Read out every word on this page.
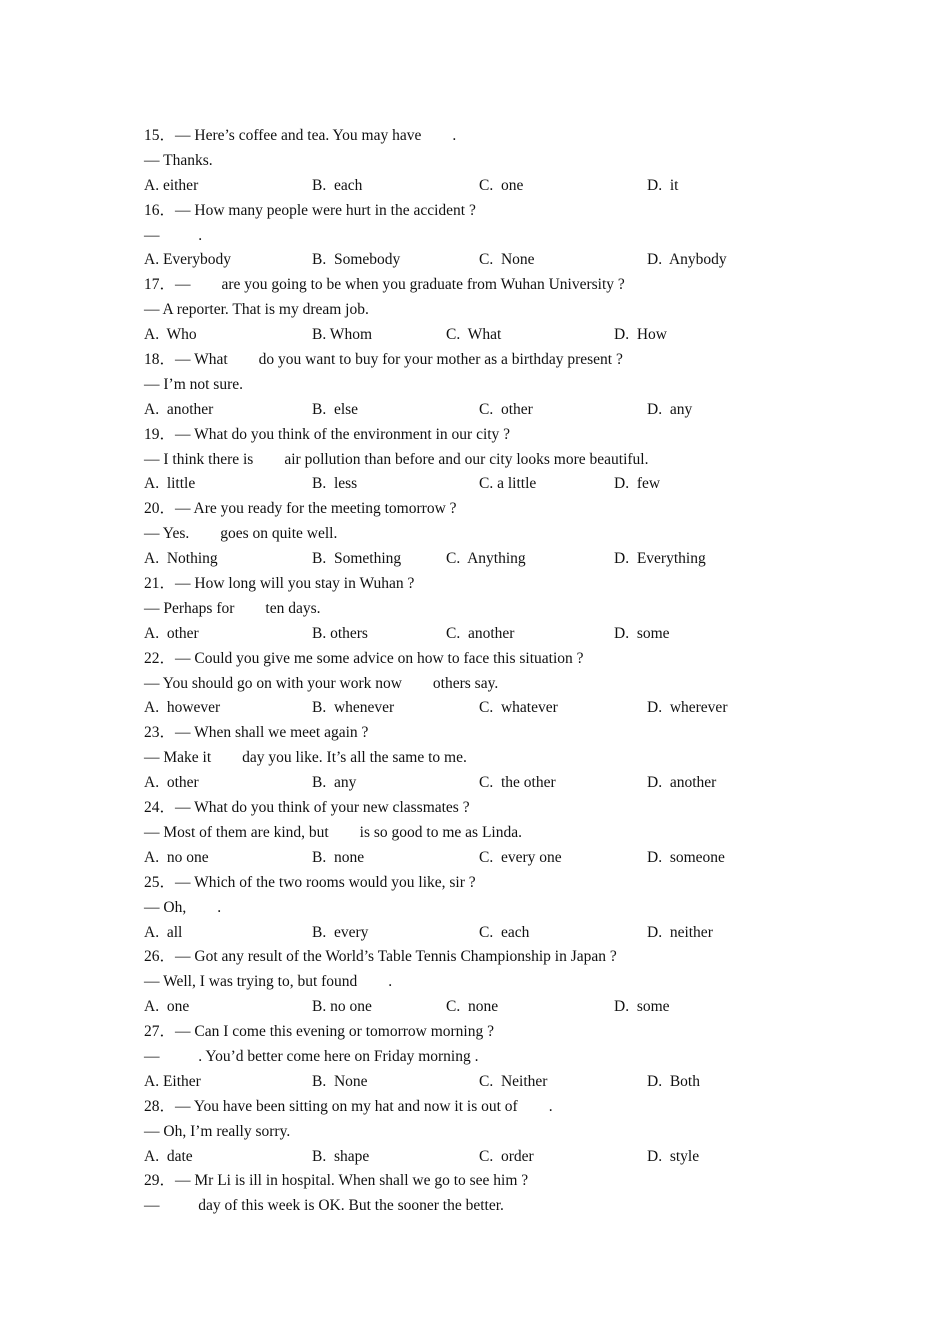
15．— Here’s coffee and tea. You may have        .
— Thanks.
A. either	B.  each	C.  one	D.  it
16．— How many people were hurt in the accident ?
—          .
A. Everybody	B.  Somebody	C.  None	D.  Anybody
17．—        are you going to be when you graduate from Wuhan University ?
— A reporter. That is my dream job.
A.  Who	B. Whom	C.  What	D.  How
18．— What        do you want to buy for your mother as a birthday present ?
— I’m not sure.
A.  another	B.  else	C.  other	D.  any
19．— What do you think of the environment in our city ?
— I think there is        air pollution than before and our city looks more beautiful.
A.  little	B.  less	C. a little	D.  few
20．— Are you ready for the meeting tomorrow ?
— Yes.        goes on quite well.
A.  Nothing	B.  Something	C.  Anything	D.  Everything
21．— How long will you stay in Wuhan ?
— Perhaps for        ten days.
A.  other	B. others	C.  another	D.  some
22．— Could you give me some advice on how to face this situation ?
— You should go on with your work now        others say.
A.  however	B.  whenever	C.  whatever	D.  wherever
23．— When shall we meet again ?
— Make it        day you like. It’s all the same to me.
A.  other	B.  any	C.  the other	D.  another
24．— What do you think of your new classmates ?
— Most of them are kind, but        is so good to me as Linda.
A.  no one	B.  none	C.  every one	D.  someone
25．— Which of the two rooms would you like, sir ?
— Oh,        .
A.  all	B.  every	C.  each	D.  neither
26．— Got any result of the World’s Table Tennis Championship in Japan ?
— Well, I was trying to, but found        .
A.  one	B. no one	C.  none	D.  some
27．— Can I come this evening or tomorrow morning ?
—          . You’d better come here on Friday morning .
A. Either	B.  None	C.  Neither	D.  Both
28．— You have been sitting on my hat and now it is out of        .
— Oh, I’m really sorry.
A.  date	B.  shape	C.  order	D.  style
29．— Mr Li is ill in hospital. When shall we go to see him ?
—          day of this week is OK. But the sooner the better.
